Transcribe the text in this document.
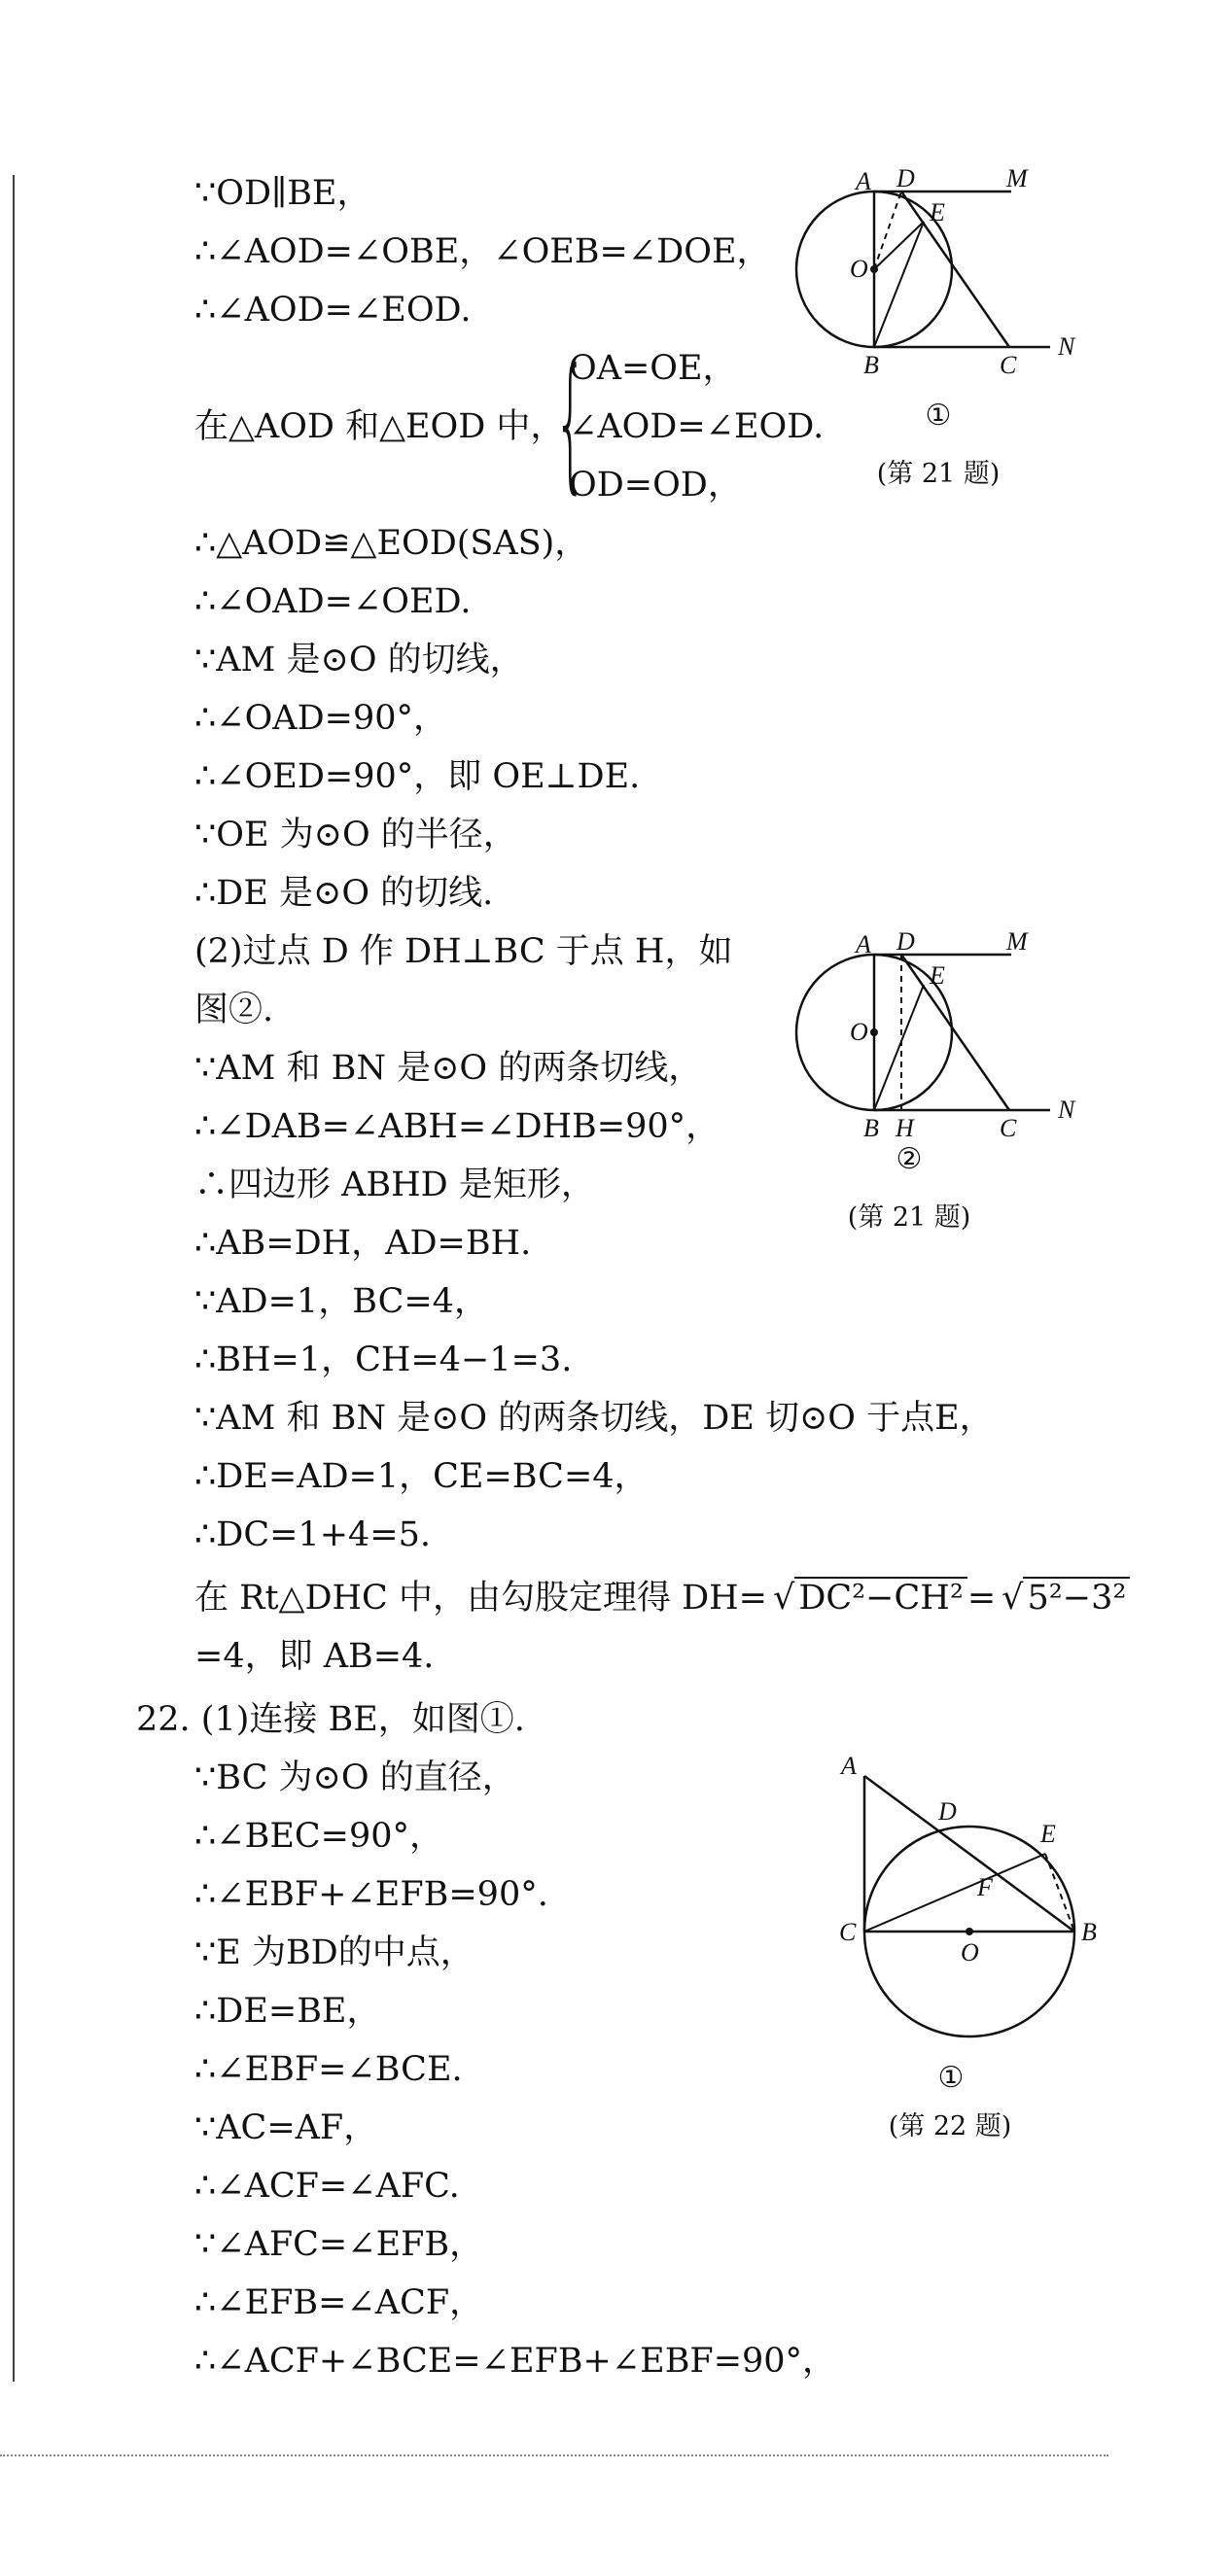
∵OD∥BE，
∴∠AOD=∠OBE，∠OEB=∠DOE，
∴∠AOD=∠EOD.
OA=OE，
在△AOD 和△EOD 中，
{
∠AOD=∠EOD.
OD=OD，
∴△AOD≌△EOD(SAS)，
∴∠OAD=∠OED.
∵AM 是⊙O 的切线，
∴∠OAD=90°，
∴∠OED=90°，即 OE⊥DE.
∵OE 为⊙O 的半径，
∴DE 是⊙O 的切线.
(2)过点 D 作 DH⊥BC 于点 H，如
图②.
∵AM 和 BN 是⊙O 的两条切线，
∴∠DAB=∠ABH=∠DHB=90°，
∴四边形 ABHD 是矩形，
∴AB=DH，AD=BH.
∵AD=1，BC=4，
∴BH=1，CH=4−1=3.
∵AM 和 BN 是⊙O 的两条切线，DE 切⊙O 于点E，
∴DE=AD=1，CE=BC=4，
∴DC=1+4=5.
在 Rt△DHC 中，由勾股定理得 DH= √ DC²−CH² = √ 5²−3²
=4，即 AB=4.
22. (1)连接 BE，如图①.
∵BC 为⊙O 的直径，
∴∠BEC=90°，
∴∠EBF+∠EFB=90°.
∵E 为BD的中点，
∴DE=BE，
∴∠EBF=∠BCE.
∵AC=AF，
∴∠ACF=∠AFC.
∵∠AFC=∠EFB，
∴∠EFB=∠ACF，
∴∠ACF+∠BCE=∠EFB+∠EBF=90°，
A D	M
E
O
B	C
N
①
(第 21 题)
A D	M
E
O
B H	C
N
②
(第 21 题)
A
D
E
F
C
O
B
①
(第 22 题)
